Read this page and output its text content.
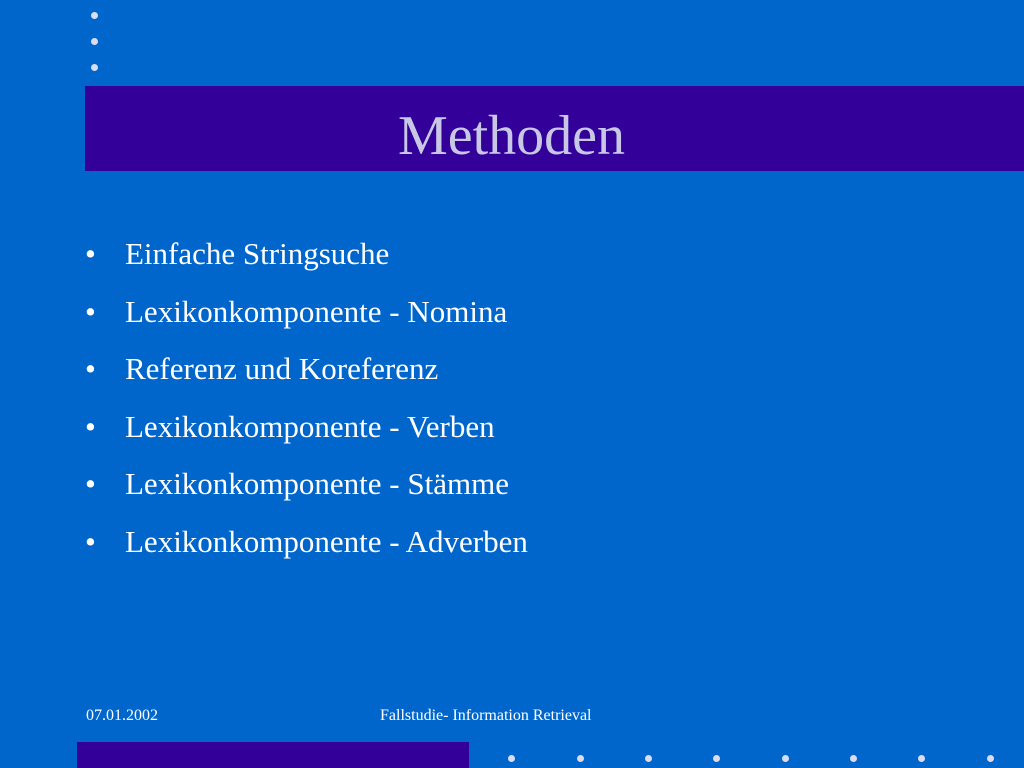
Methoden
• Einfache Stringsuche
• Lexikonkomponente - Nomina
• Referenz und Koreferenz
• Lexikonkomponente - Verben
• Lexikonkomponente - Stämme
• Lexikonkomponente - Adverben
07.01.2002	Fallstudie- Information Retrieval
